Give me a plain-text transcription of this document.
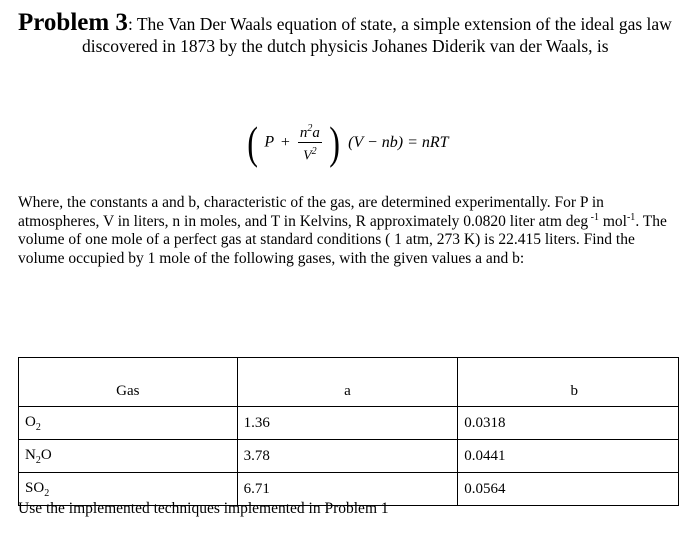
Problem 3: The Van Der Waals equation of state, a simple extension of the ideal gas law
discovered in 1873 by the dutch physicis Johanes Diderik van der Waals, is
( $P + \frac{n^2a}{V^2}$ ) (V − nb) = nRT
Where, the constants a and b, characteristic of the gas, are determined experimentally. For P in atmospheres, V in liters, n in moles, and T in Kelvins, R approximately 0.0820 liter atm deg $^{-1}$ mol$^{-1}$. The volume of one mole of a perfect gas at standard conditions ( 1 atm, 273 K) is 22.415 liters. Find the volume occupied by 1 mole of the following gases, with the given values a and b:
Gas	a	b
$O_2$	1.36	0.0318
$N_2O$	3.78	0.0441
$SO_2$	6.71	0.0564
Use the implemented techniques implemented in Problem 1
